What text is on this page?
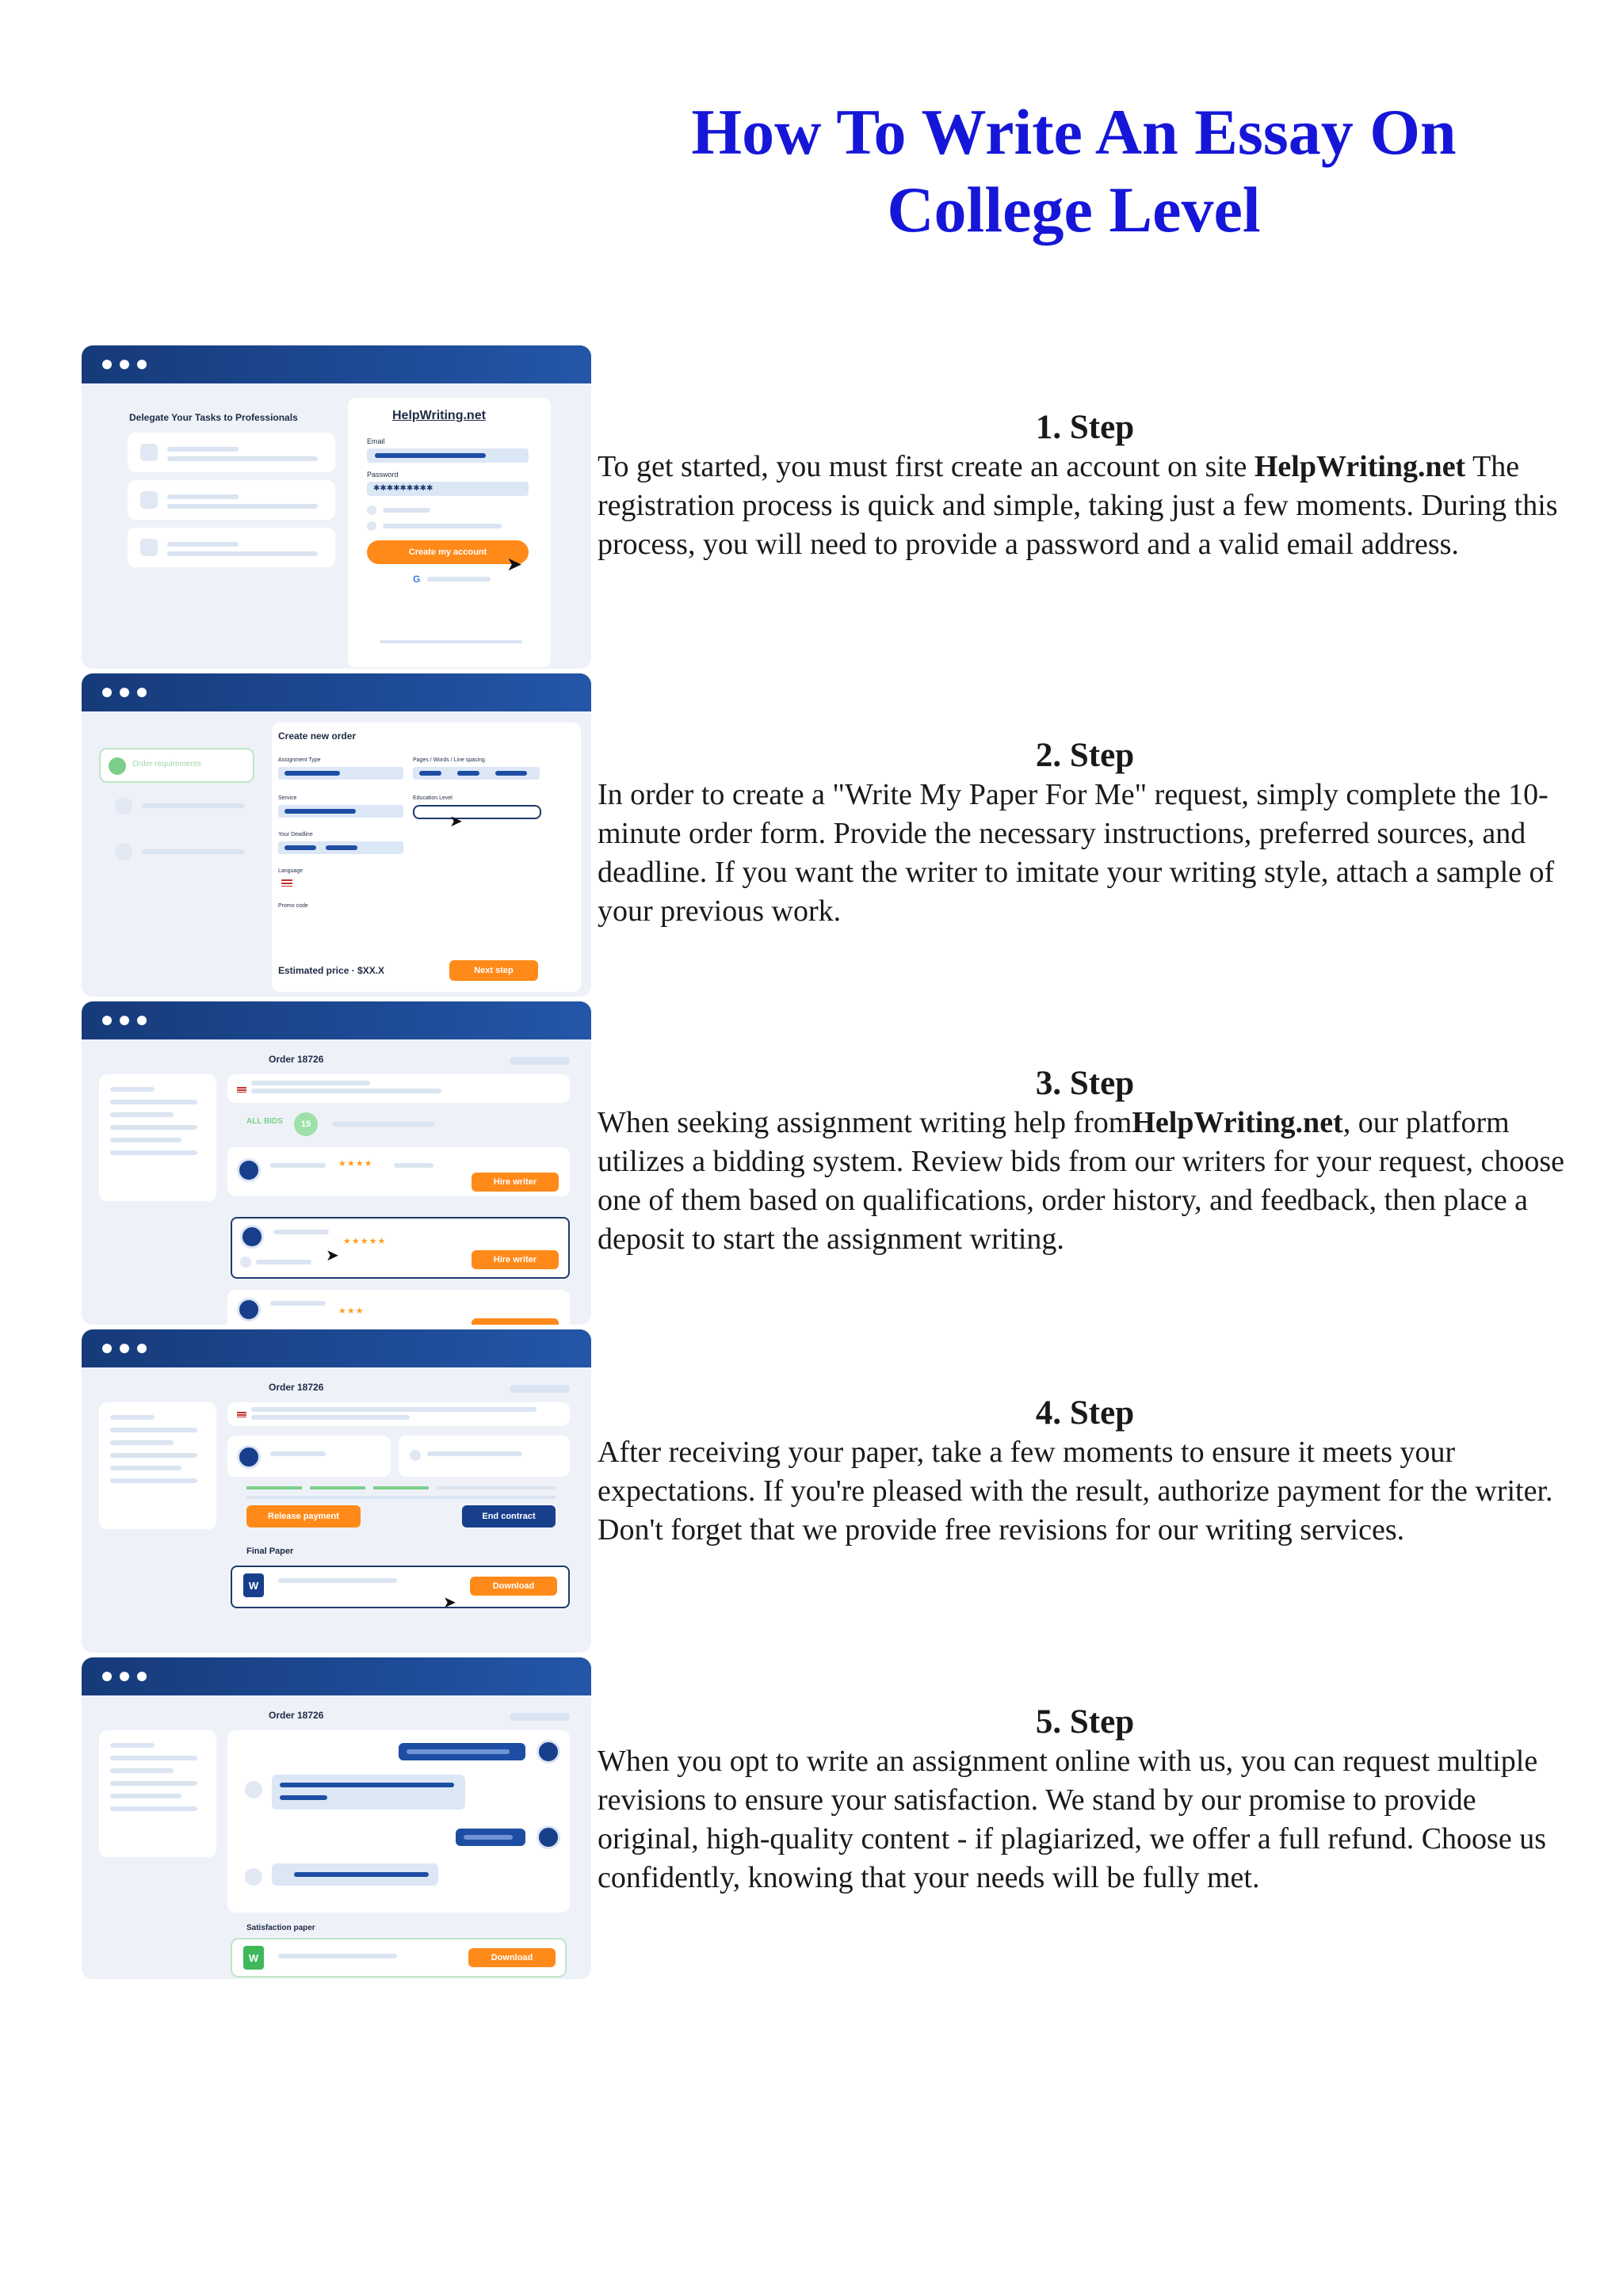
How To Write An Essay On
College Level
Delegate Your Tasks to Professionals	HelpWriting.net
Email
Password
✱✱✱✱✱✱✱✱✱
Create my account
➤
G
Order requirements
Create new order
Assignment Type	Pages / Words / Line spacing
Service	Education Level
➤
Your Deadline
Language
Promo code
Estimated price · $XX.X	Next step
Order 18726
ALL BIDS	15
★★★★
Hire writer
★★★★★
Hire writer
➤
★★★
Order 18726
Release payment	End contract
Final Paper
W	Download
➤
Order 18726
Satisfaction paper
W	Download
1. Step

To get started, you must first create an account on site HelpWriting.net The registration process is quick and simple, taking just a few moments. During this process, you will need to provide a password and a valid email address.

2. Step

In order to create a "Write My Paper For Me" request, simply complete the 10-minute order form. Provide the necessary instructions, preferred sources, and deadline. If you want the writer to imitate your writing style, attach a sample of your previous work.

3. Step

When seeking assignment writing help fromHelpWriting.net, our platform utilizes a bidding system. Review bids from our writers for your request, choose one of them based on qualifications, order history, and feedback, then place a deposit to start the assignment writing.

4. Step

After receiving your paper, take a few moments to ensure it meets your expectations. If you're pleased with the result, authorize payment for the writer. Don't forget that we provide free revisions for our writing services.

5. Step

When you opt to write an assignment online with us, you can request multiple revisions to ensure your satisfaction. We stand by our promise to provide original, high-quality content - if plagiarized, we offer a full refund. Choose us confidently, knowing that your needs will be fully met.
